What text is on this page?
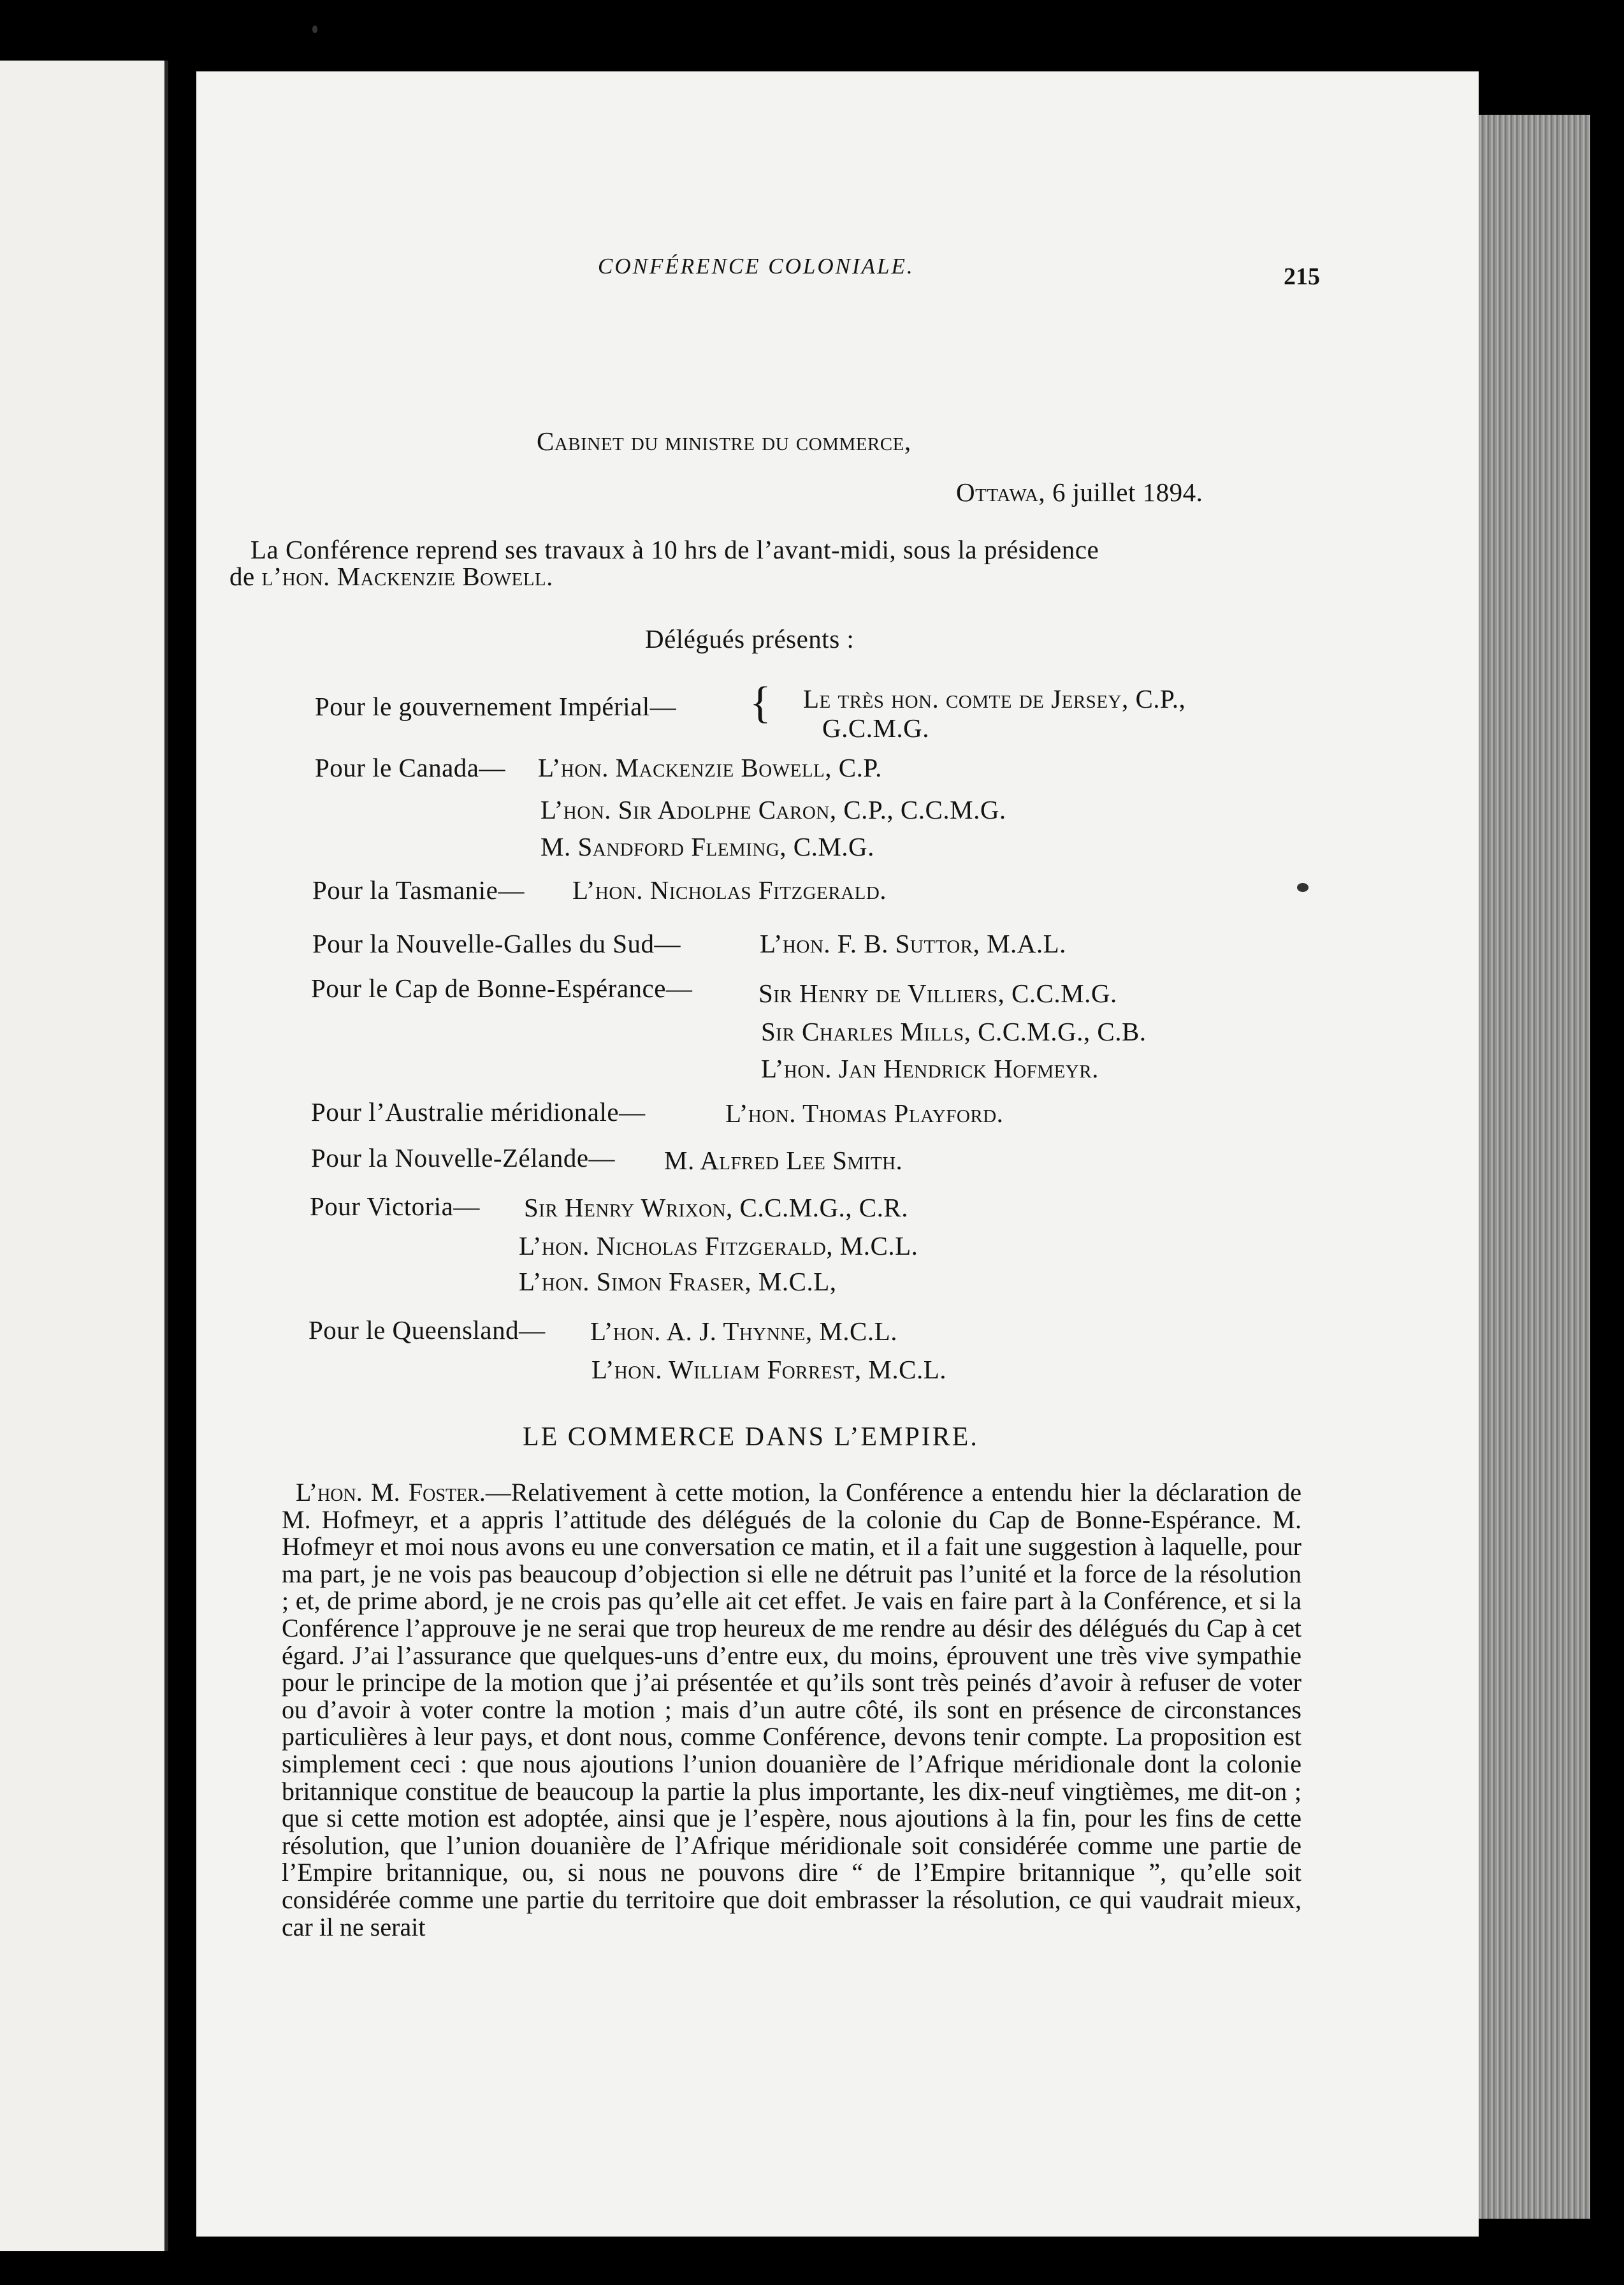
CONFÉRENCE COLONIALE.	215
Cabinet du ministre du commerce,
Ottawa, 6 juillet 1894.
La Conférence reprend ses travaux à 10 hrs de l’avant-midi, sous la présidence
de l’hon. Mackenzie Bowell.
Délégués présents :
Pour le gouvernement Impérial— { Le très hon. comte de Jersey, C.P.,
G.C.M.G.
Pour le Canada— L’hon. Mackenzie Bowell, C.P.
L’hon. Sir Adolphe Caron, C.P., C.C.M.G.
M. Sandford Fleming, C.M.G.
Pour la Tasmanie— L’hon. Nicholas Fitzgerald.
Pour la Nouvelle-Galles du Sud—	L’hon. F. B. Suttor, M.A.L.
Pour le Cap de Bonne-Espérance—	Sir Henry de Villiers, C.C.M.G.
Sir Charles Mills, C.C.M.G., C.B.
L’hon. Jan Hendrick Hofmeyr.
Pour l’Australie méridionale—	L’hon. Thomas Playford.
Pour la Nouvelle-Zélande— M. Alfred Lee Smith.
Pour Victoria— Sir Henry Wrixon, C.C.M.G., C.R.
L’hon. Nicholas Fitzgerald, M.C.L.
L’hon. Simon Fraser, M.C.L,
Pour le Queensland— L’hon. A. J. Thynne, M.C.L.
L’hon. William Forrest, M.C.L.
LE COMMERCE DANS L’EMPIRE.
L’hon. M. Foster.—Relativement à cette motion, la Conférence a entendu hier la déclaration de M. Hofmeyr, et a appris l’attitude des délégués de la colonie du Cap de Bonne-Espérance. M. Hofmeyr et moi nous avons eu une conversation ce matin, et il a fait une suggestion à laquelle, pour ma part, je ne vois pas beaucoup d’objection si elle ne détruit pas l’unité et la force de la résolution ; et, de prime abord, je ne crois pas qu’elle ait cet effet. Je vais en faire part à la Conférence, et si la Conférence l’approuve je ne serai que trop heureux de me rendre au désir des délégués du Cap à cet égard. J’ai l’assurance que quelques-uns d’entre eux, du moins, éprouvent une très vive sympathie pour le principe de la motion que j’ai présentée et qu’ils sont très peinés d’avoir à refuser de voter ou d’avoir à voter contre la motion ; mais d’un autre côté, ils sont en présence de circonstances particulières à leur pays, et dont nous, comme Conférence, devons tenir compte. La proposition est simplement ceci : que nous ajoutions l’union douanière de l’Afrique méridionale dont la colonie britannique constitue de beaucoup la partie la plus importante, les dix-neuf vingtièmes, me dit-on ; que si cette motion est adoptée, ainsi que je l’espère, nous ajoutions à la fin, pour les fins de cette résolution, que l’union douanière de l’Afrique méridionale soit considérée comme une partie de l’Empire britannique, ou, si nous ne pouvons dire “ de l’Empire britannique ”, qu’elle soit considérée comme une partie du territoire que doit embrasser la résolution, ce qui vaudrait mieux, car il ne serait
